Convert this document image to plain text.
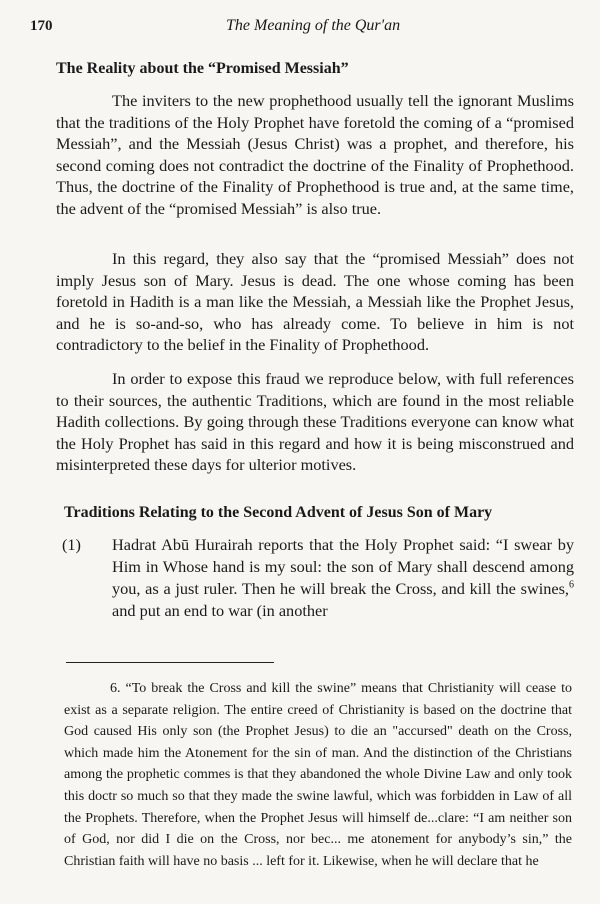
170	The Meaning of the Qur'an
The Reality about the “Promised Messiah”

The inviters to the new prophethood usually tell the ignorant Muslims that the traditions of the Holy Prophet have foretold the coming of a “promised Messiah”, and the Messiah (Jesus Christ) was a prophet, and therefore, his second coming does not contradict the doctrine of the Finality of Prophethood. Thus, the doctrine of the Finality of Prophethood is true and, at the same time, the advent of the “promised Messiah” is also true.

In this regard, they also say that the “promised Messiah” does not imply Jesus son of Mary. Jesus is dead. The one whose coming has been foretold in Hadith is a man like the Messiah, a Messiah like the Prophet Jesus, and he is so-and-so, who has already come. To believe in him is not contradictory to the belief in the Finality of Prophethood.

In order to expose this fraud we reproduce below, with full references to their sources, the authentic Traditions, which are found in the most reliable Hadith collections. By going through these Traditions everyone can know what the Holy Prophet has said in this regard and how it is being misconstrued and misinterpreted these days for ulterior motives.

Traditions Relating to the Second Advent of Jesus Son of Mary
(1) Hadrat Abū Hurairah reports that the Holy Prophet said: “I swear by Him in Whose hand is my soul: the son of Mary shall descend among you, as a just ruler. Then he will break the Cross, and kill the swines,$^6$ and put an end to war (in another

6. “To break the Cross and kill the swine” means that Christianity will cease to exist as a separate religion. The entire creed of Christianity is based on the doctrine that God caused His only son (the Prophet Jesus) to die an "accursed" death on the Cross, which made him the Atonement for the sin of man. And the distinction of the Christians among the prophetic commes is that they abandoned the whole Divine Law and only took this doctr so much so that they made the swine lawful, which was forbidden in Law of all the Prophets. Therefore, when the Prophet Jesus will himself de...clare: “I am neither son of God, nor did I die on the Cross, nor bec... me atonement for anybody’s sin,” the Christian faith will have no basis ... left for it. Likewise, when he will declare that he
